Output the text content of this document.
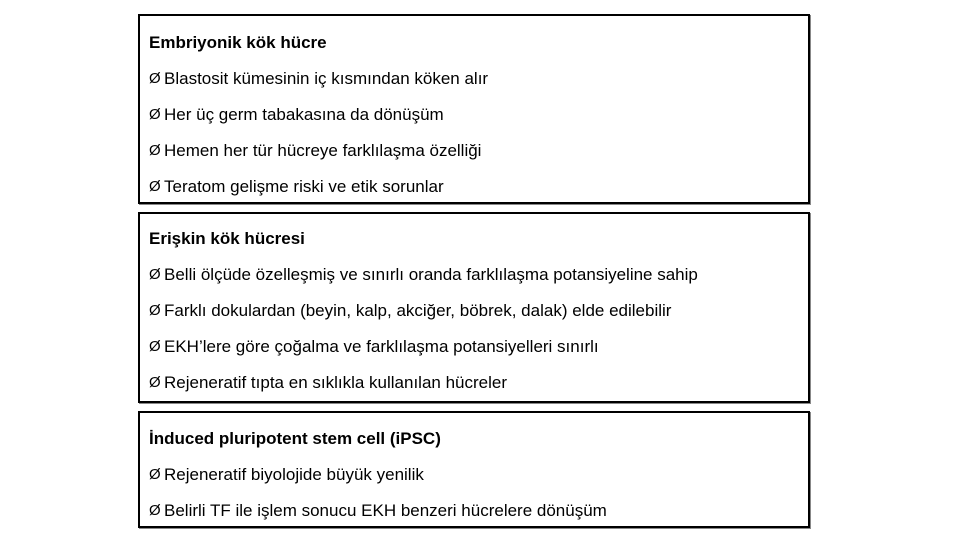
Embriyonik kök hücre
Ø Blastosit kümesinin iç kısmından köken alır
Ø Her üç germ tabakasına da dönüşüm
Ø Hemen her tür hücreye farklılaşma özelliği
Ø Teratom gelişme riski ve etik sorunlar
Erişkin kök hücresi
Ø Belli ölçüde özelleşmiş ve sınırlı oranda farklılaşma potansiyeline sahip
Ø Farklı dokulardan (beyin, kalp, akciğer, böbrek, dalak) elde edilebilir
Ø EKH’lere göre çoğalma ve farklılaşma potansiyelleri sınırlı
Ø Rejeneratif tıpta en sıklıkla kullanılan hücreler
İnduced pluripotent stem cell (iPSC)
Ø Rejeneratif biyolojide büyük yenilik
Ø Belirli TF ile işlem sonucu EKH benzeri hücrelere dönüşüm
